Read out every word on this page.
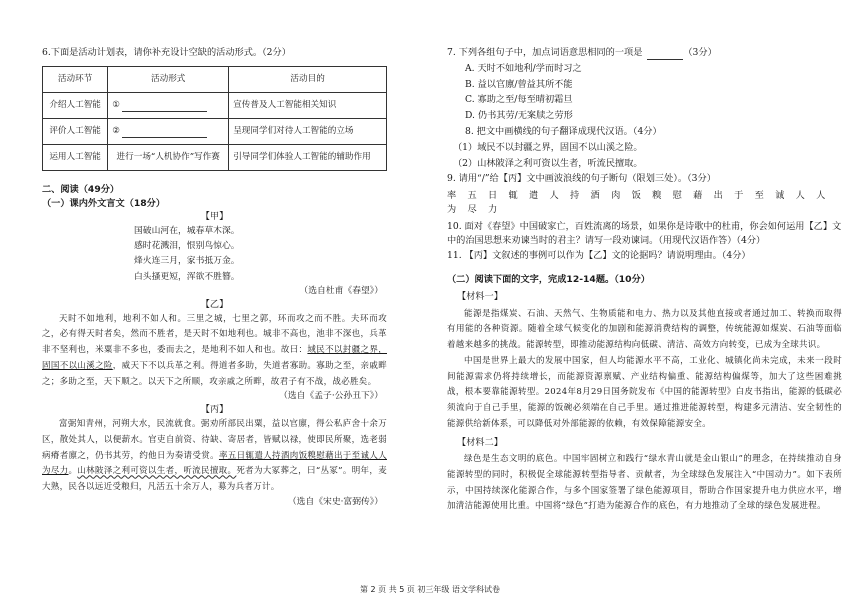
6.下面是活动计划表，请你补充设计空缺的活动形式。（2分）
活动环节	活动形式	活动目的
介绍人工智能	①	宣传普及人工智能相关知识
评价人工智能	②	呈现同学们对待人工智能的立场
运用人工智能	进行一场“人机协作”写作赛	引导同学们体验人工智能的辅助作用
二、阅读（49分）
（一）课内外文言文（18分）
【甲】
国破山河在，城春草木深。
感时花溅泪，恨别鸟惊心。
烽火连三月，家书抵万金。
白头搔更短，浑欲不胜簪。
（选自杜甫《春望》）
【乙】
天时不如地利，地利不如人和。三里之城，七里之郭，环而攻之而不胜。夫环而攻之，必有得天时者矣，然而不胜者，是天时不如地利也。城非不高也，池非不深也，兵革非不坚利也，米粟非不多也，委而去之，是地利不如人和也。故曰：域民不以封疆之界，固国不以山溪之险，威天下不以兵革之利。得道者多助，失道者寡助。寡助之至，亲戚畔之；多助之至，天下顺之。以天下之所顺，攻亲戚之所畔，故君子有不战，战必胜矣。
（选自《孟子·公孙丑下》）
【丙】
富弼知青州，河朔大水，民流就食。弼劝所部民出粟，益以官廪，得公私庐舍十余万区，散处其人，以便薪水。官吏自前资、待缺、寄居者，皆赋以禄，使即民所聚，选老弱病瘠者廪之，仍书其劳，约他日为奏请受赏。率五日辄遣人持酒肉饭糗慰藉出于至诚人人为尽力。山林陂泽之利可资以生者，听流民擅取。死者为大冢葬之，曰“丛冢”。明年，麦大熟，民各以远近受粮归，凡活五十余万人，募为兵者万计。
（选自《宋史·富弼传》）
7. 下列各组句子中，加点词语意思相同的一项是	（3分）
A. 天时不如地利/学而时习之
B. 益以官廪/曾益其所不能
C. 寡助之至/每至晴初霜旦
D. 仍书其劳/无案牍之劳形
8. 把文中画横线的句子翻译成现代汉语。（4分）
（1）域民不以封疆之界，固国不以山溪之险。
（2）山林陂泽之利可资以生者，听流民擅取。
9. 请用“/”给【丙】文中画波浪线的句子断句（限划三处）。（3分）
率 五 日 辄 遣 人 持 酒 肉 饭 糗 慰 藉 出 于 至 诚 人 人 为 尽 力
10. 面对《春望》中国破家亡，百姓流离的场景，如果你是诗歌中的杜甫，你会如何运用【乙】文中的治国思想来劝谏当时的君主？请写一段劝谏词。（用现代汉语作答）（4分）
11. 【丙】文叙述的事例可以作为【乙】文的论据吗？请说明理由。（4分）
（二）阅读下面的文字，完成12-14题。（10分）
【材料一】
能源是指煤炭、石油、天然气、生物质能和电力、热力以及其他直接或者通过加工、转换而取得有用能的各种资源。随着全球气候变化的加剧和能源消费结构的调整，传统能源如煤炭、石油等面临着越来越多的挑战。能源转型，即推动能源结构向低碳、清洁、高效方向转变，已成为全球共识。
中国是世界上最大的发展中国家，但人均能源水平不高，工业化、城镇化尚未完成，未来一段时间能源需求仍将持续增长，而能源资源禀赋、产业结构偏重、能源结构偏煤等，加大了这些困难挑战，根本要靠能源转型。2024年8月29日国务院发布《中国的能源转型》白皮书指出，能源的低碳必须流向于自己手里，能源的饭碗必须端在自己手里。通过推进能源转型，构建多元清洁、安全韧性的能源供给新体系，可以降低对外部能源的依赖，有效保障能源安全。
【材料二】
绿色是生态文明的底色。中国牢固树立和践行“绿水青山就是金山银山”的理念，在持续推动自身能源转型的同时，积极促全球能源转型指导者、贡献者，为全球绿色发展注入“中国动力”。如下表所示，中国持续深化能源合作，与多个国家签署了绿色能源项目，帮助合作国家提升电力供应水平，增加清洁能源使用比重。中国将“绿色”打造为能源合作的底色，有力地推动了全球的绿色发展进程。
第 2 页 共 5 页 初三年级 语文学科试卷
